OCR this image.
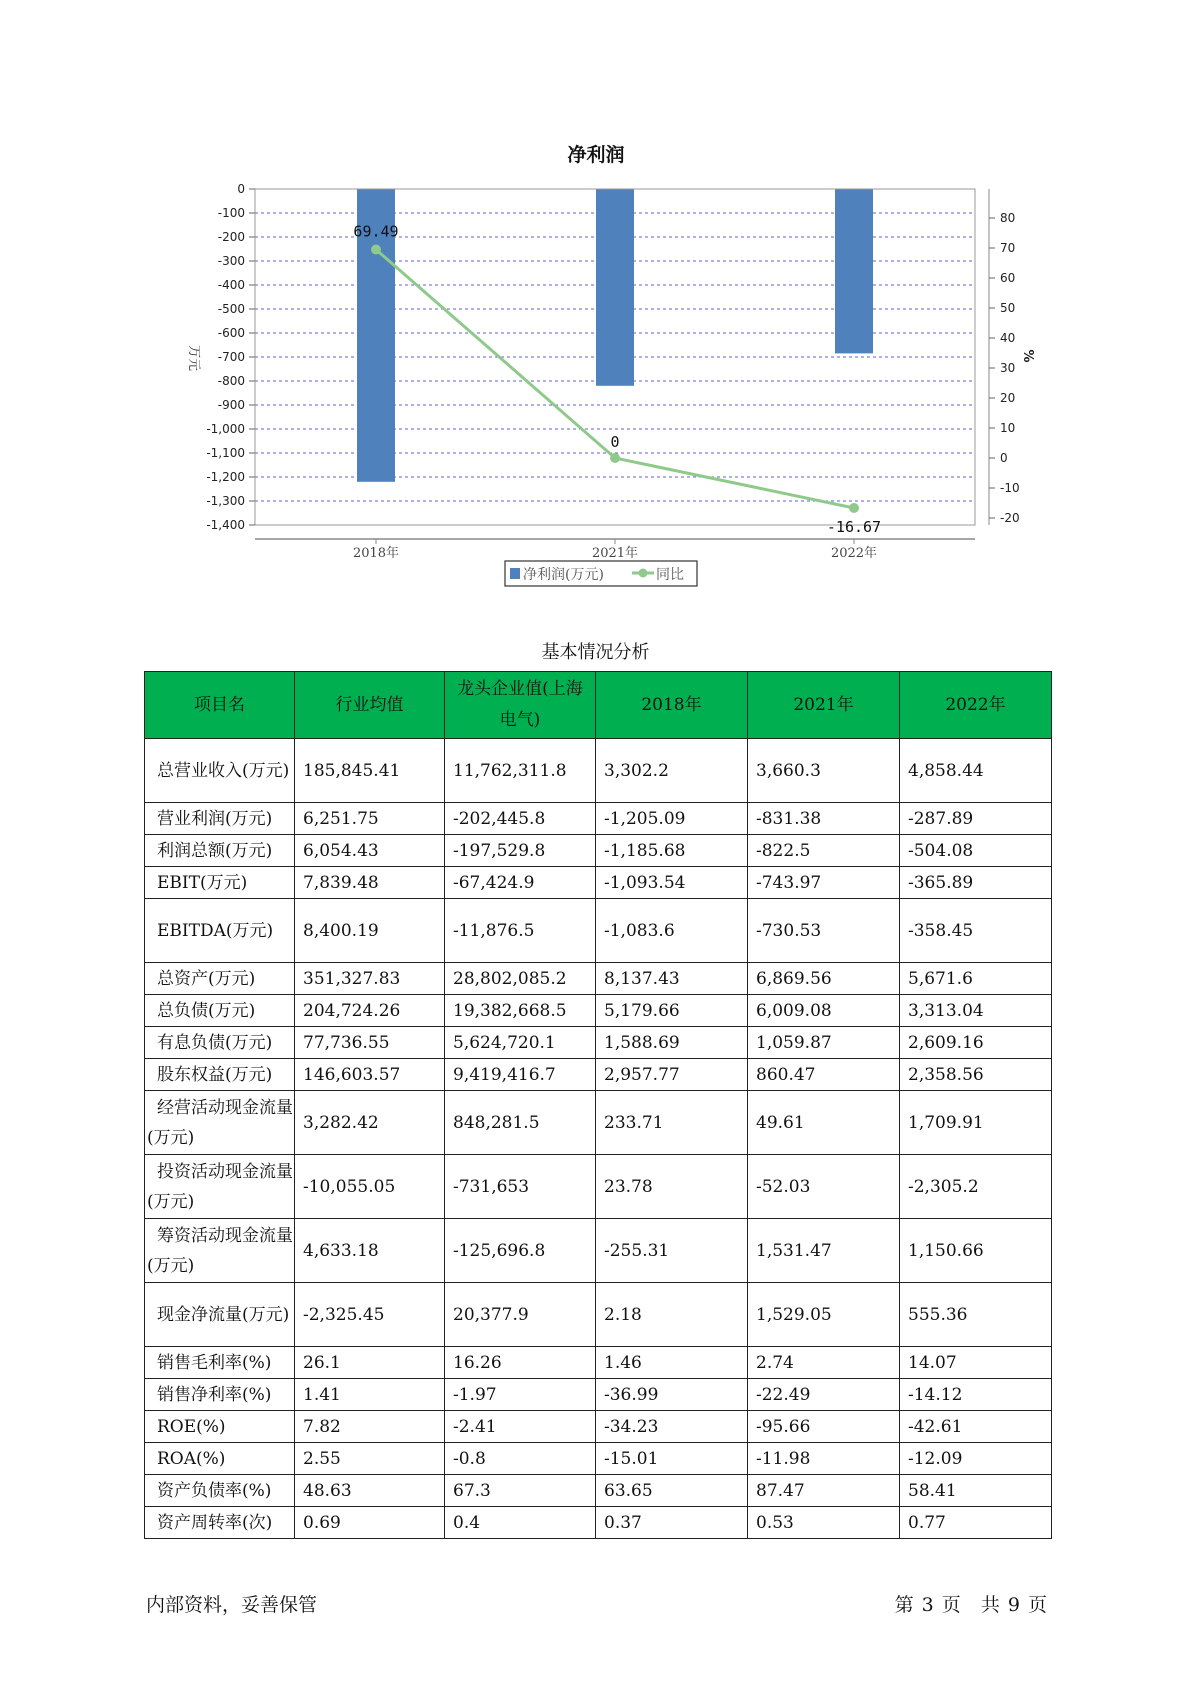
净利润
0
-100
-200
-300
-400
-500
-600
-700
-800
-900
-1,000
-1,100
-1,200
-1,300
-1,400
80
70
60
50
40
30
20
10
0
-10
-20
万元	%
2018年	2021年	2022年
69.49
0
-16.67
净利润(万元)	同比
基本情况分析
项目名	行业均值	龙头企业值(上海电气)	2018年	2021年	2022年
总营业收入(万元)	185,845.41	11,762,311.8	3,302.2	3,660.3	4,858.44
营业利润(万元)	6,251.75	-202,445.8	-1,205.09	-831.38	-287.89
利润总额(万元)	6,054.43	-197,529.8	-1,185.68	-822.5	-504.08
EBIT(万元)	7,839.48	-67,424.9	-1,093.54	-743.97	-365.89
EBITDA(万元)	8,400.19	-11,876.5	-1,083.6	-730.53	-358.45
总资产(万元)	351,327.83	28,802,085.2	8,137.43	6,869.56	5,671.6
总负债(万元)	204,724.26	19,382,668.5	5,179.66	6,009.08	3,313.04
有息负债(万元)	77,736.55	5,624,720.1	1,588.69	1,059.87	2,609.16
股东权益(万元)	146,603.57	9,419,416.7	2,957.77	860.47	2,358.56
经营活动现金流量(万元)	3,282.42	848,281.5	233.71	49.61	1,709.91
投资活动现金流量(万元)	-10,055.05	-731,653	23.78	-52.03	-2,305.2
筹资活动现金流量(万元)	4,633.18	-125,696.8	-255.31	1,531.47	1,150.66
现金净流量(万元)	-2,325.45	20,377.9	2.18	1,529.05	555.36
销售毛利率(%)	26.1	16.26	1.46	2.74	14.07
销售净利率(%)	1.41	-1.97	-36.99	-22.49	-14.12
ROE(%)	7.82	-2.41	-34.23	-95.66	-42.61
ROA(%)	2.55	-0.8	-15.01	-11.98	-12.09
资产负债率(%)	48.63	67.3	63.65	87.47	58.41
资产周转率(次)	0.69	0.4	0.37	0.53	0.77
内部资料，妥善保管	第 3 页 共 9 页
